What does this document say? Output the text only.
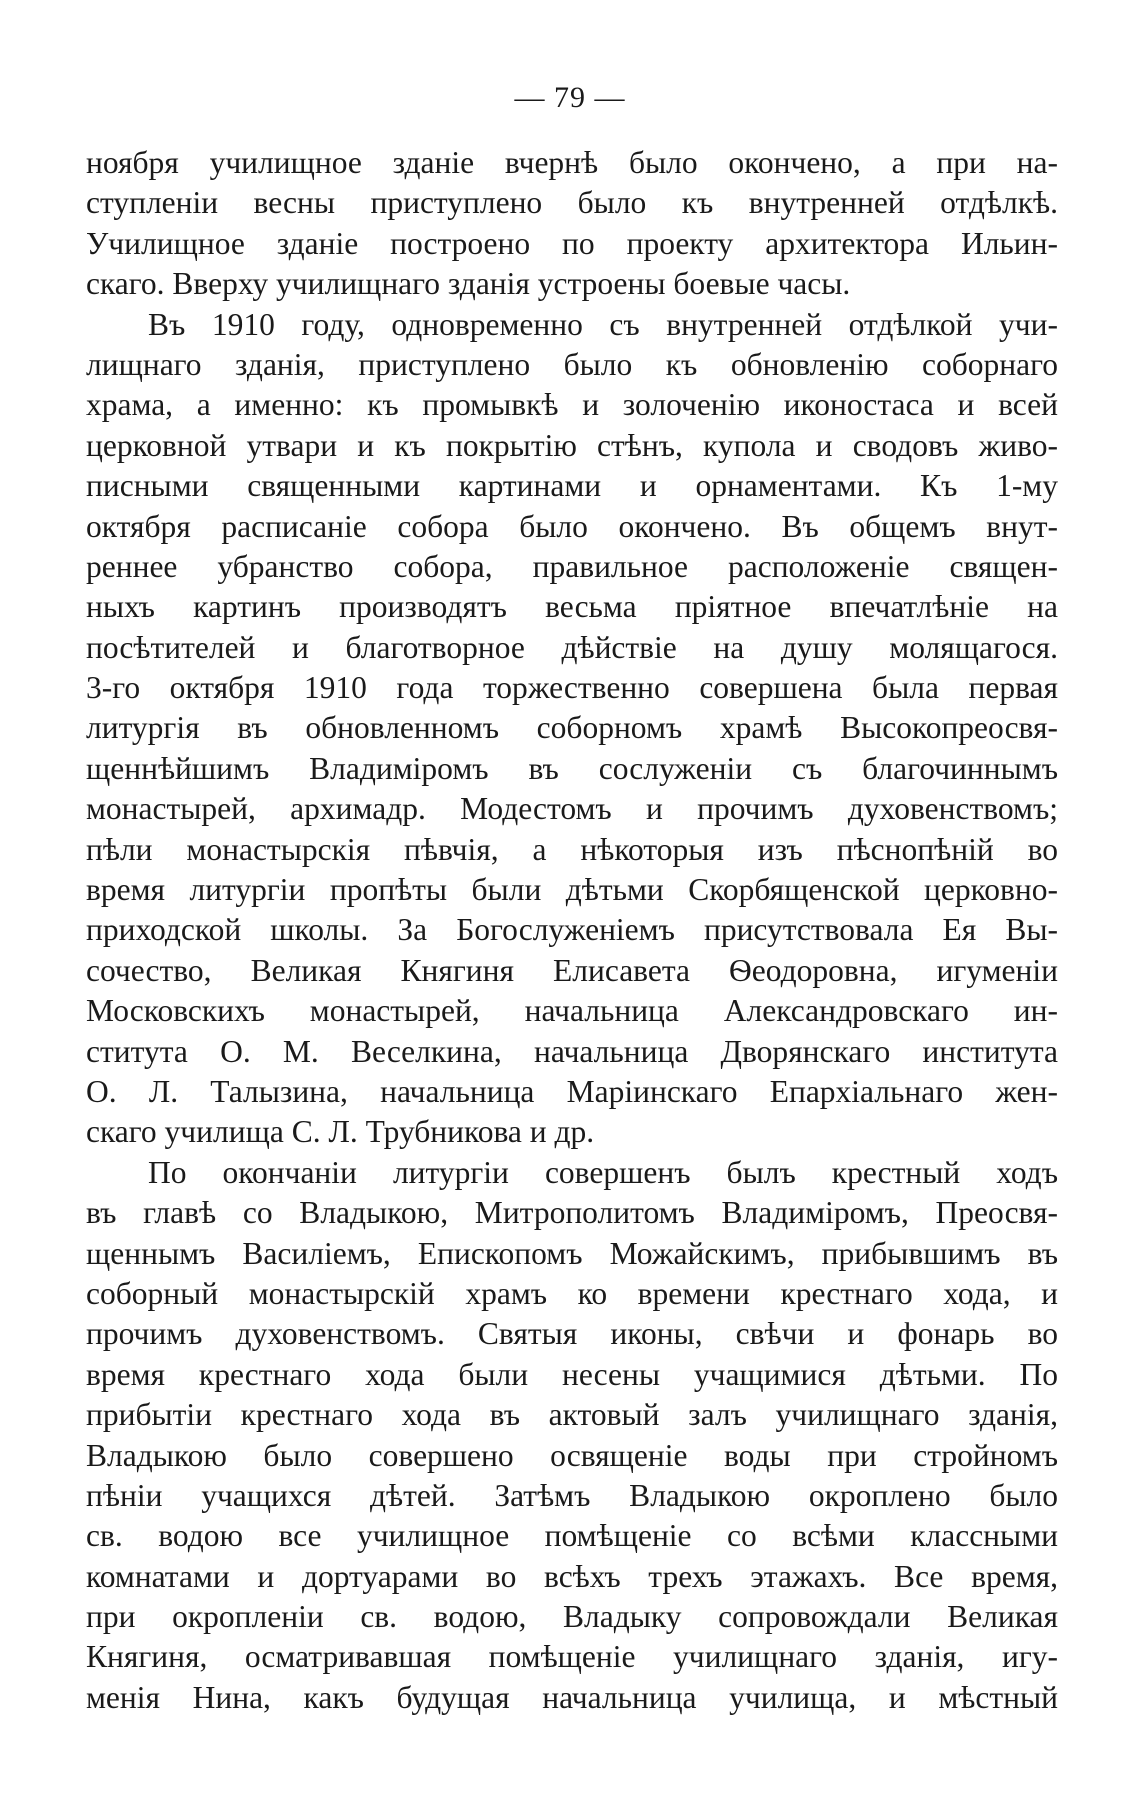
— 79 —
ноября училищное зданіе вчернѣ было окончено, а при на-
ступленіи весны приступлено было къ внутренней отдѣлкѣ.
Училищное зданіе построено по проекту архитектора Ильин-
скаго. Вверху училищнаго зданія устроены боевые часы.
Въ 1910 году, одновременно съ внутренней отдѣлкой учи-
лищнаго зданія, приступлено было къ обновленію соборнаго
храма, а именно: къ промывкѣ и золоченію иконостаса и всей
церковной утвари и къ покрытію стѣнъ, купола и сводовъ живо-
писными священными картинами и орнаментами. Къ 1-му
октября расписаніе собора было окончено. Въ общемъ внут-
реннее убранство собора, правильное расположеніе священ-
ныхъ картинъ производятъ весьма пріятное впечатлѣніе на
посѣтителей и благотворное дѣйствіе на душу молящагося.
3-го октября 1910 года торжественно совершена была первая
литургія въ обновленномъ соборномъ храмѣ Высокопреосвя-
щеннѣйшимъ Владиміромъ въ сослуженіи съ благочиннымъ
монастырей, архимадр. Модестомъ и прочимъ духовенствомъ;
пѣли монастырскія пѣвчія, а нѣкоторыя изъ пѣснопѣній во
время литургіи пропѣты были дѣтьми Скорбященской церковно-
приходской школы. За Богослуженіемъ присутствовала Ея Вы-
сочество, Великая Княгиня Елисавета Ѳеодоровна, игуменіи
Московскихъ монастырей, начальница Александровскаго ин-
ститута О. М. Веселкина, начальница Дворянскаго института
О. Л. Талызина, начальница Маріинскаго Епархіальнаго жен-
скаго училища С. Л. Трубникова и др.
По окончаніи литургіи совершенъ былъ крестный ходъ
въ главѣ со Владыкою, Митрополитомъ Владиміромъ, Преосвя-
щеннымъ Василіемъ, Епископомъ Можайскимъ, прибывшимъ въ
соборный монастырскій храмъ ко времени крестнаго хода, и
прочимъ духовенствомъ. Святыя иконы, свѣчи и фонарь во
время крестнаго хода были несены учащимися дѣтьми. По
прибытіи крестнаго хода въ актовый залъ училищнаго зданія,
Владыкою было совершено освященіе воды при стройномъ
пѣніи учащихся дѣтей. Затѣмъ Владыкою окроплено было
св. водою все училищное помѣщеніе со всѣми классными
комнатами и дортуарами во всѣхъ трехъ этажахъ. Все время,
при окропленіи св. водою, Владыку сопровождали Великая
Княгиня, осматривавшая помѣщеніе училищнаго зданія, игу-
менія Нина, какъ будущая начальница училища, и мѣстный
